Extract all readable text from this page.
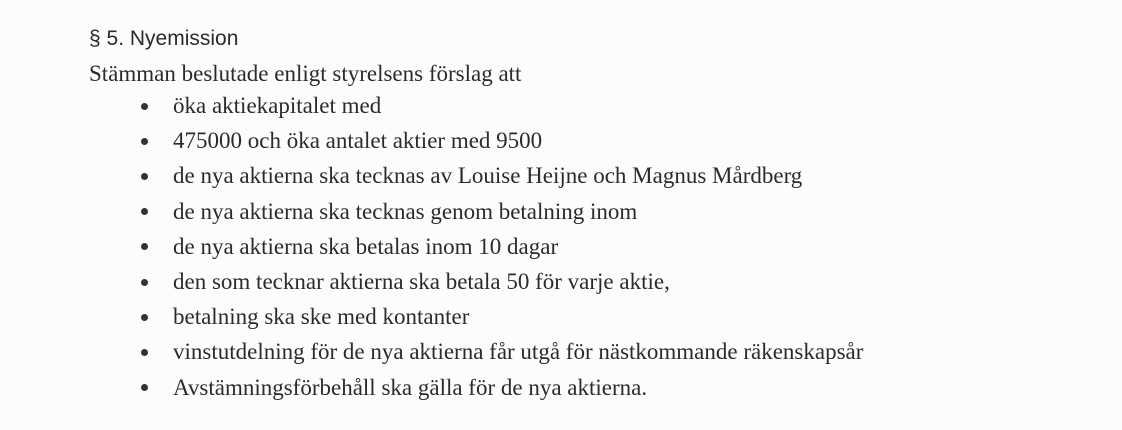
§ 5. Nyemission
Stämman beslutade enligt styrelsens förslag att
öka aktiekapitalet med
475000 och öka antalet aktier med 9500
de nya aktierna ska tecknas av Louise Heijne och Magnus Mårdberg
de nya aktierna ska tecknas genom betalning inom
de nya aktierna ska betalas inom 10 dagar
den som tecknar aktierna ska betala 50 för varje aktie,
betalning ska ske med kontanter
vinstutdelning för de nya aktierna får utgå för nästkommande räkenskapsår
Avstämningsförbehåll ska gälla för de nya aktierna.
